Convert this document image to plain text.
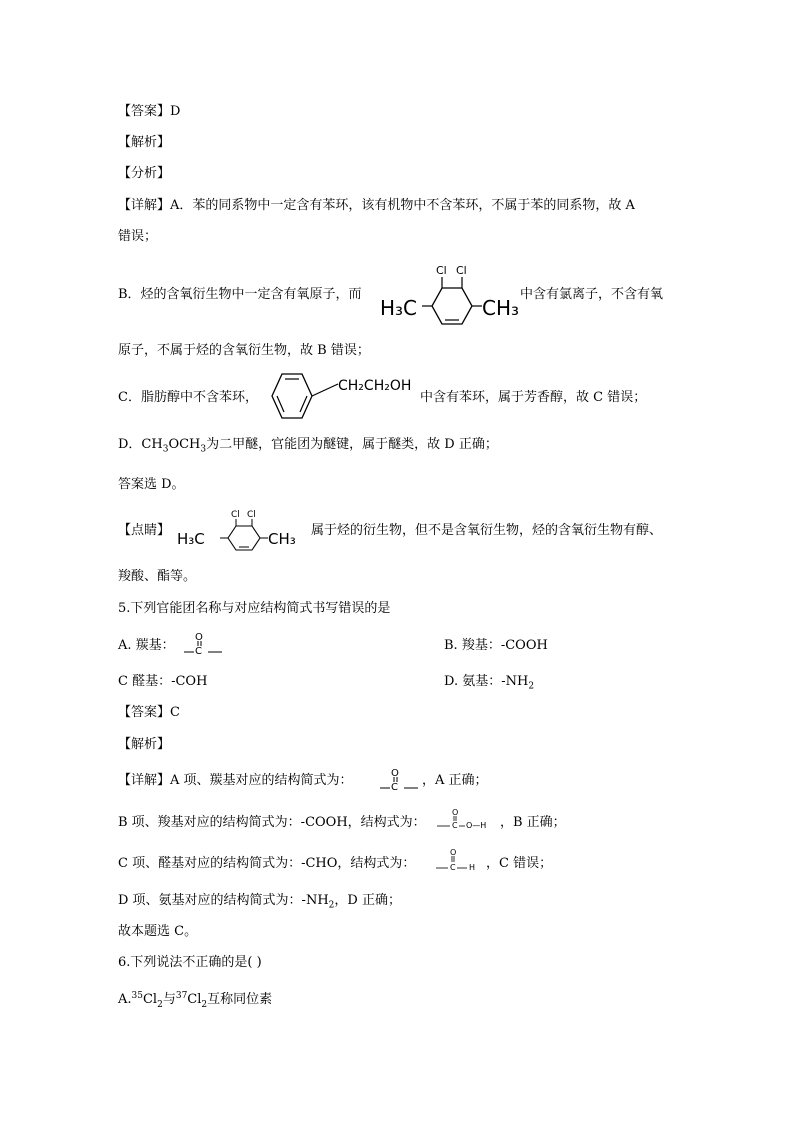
【答案】D
【解析】
【分析】
【详解】A．苯的同系物中一定含有苯环，该有机物中不含苯环，不属于苯的同系物，故 A
错误；
B．烃的含氧衍生物中一定含有氧原子，而
Cl Cl
H₃C	CH₃
中含有氯离子，不含有氧
原子，不属于烃的含氧衍生物，故 B 错误；
C．脂肪醇中不含苯环，
CH₂CH₂OH
中含有苯环，属于芳香醇，故 C 错误；
D．$CH_3OCH_3$为二甲醚，官能团为醚键，属于醚类，故 D 正确；
答案选 D。
【点睛】
Cl Cl
H₃C	CH₃ 属于烃的衍生物，但不是含氧衍生物，烃的含氧衍生物有醇、
羧酸、酯等。
5.下列官能团名称与对应结构简式书写错误的是
A. 羰基：
O
C	B. 羧基：-COOH
C 醛基：-COH	D. 氨基：$-NH_2$
【答案】C
【解析】
【详解】A 项、羰基对应的结构简式为：	O
C ，A 正确；
B 项、羧基对应的结构简式为：-COOH，结构式为：
O
C O—H ，B 正确；
C 项、醛基对应的结构简式为：-CHO，结构式为：
O
C H ，C 错误；
D 项、氨基对应的结构简式为：$-NH_2$，D 正确；
故本题选 C。
6.下列说法不正确的是( )
$A.^{35}Cl_2$与$^{37}Cl_2$互称同位素
